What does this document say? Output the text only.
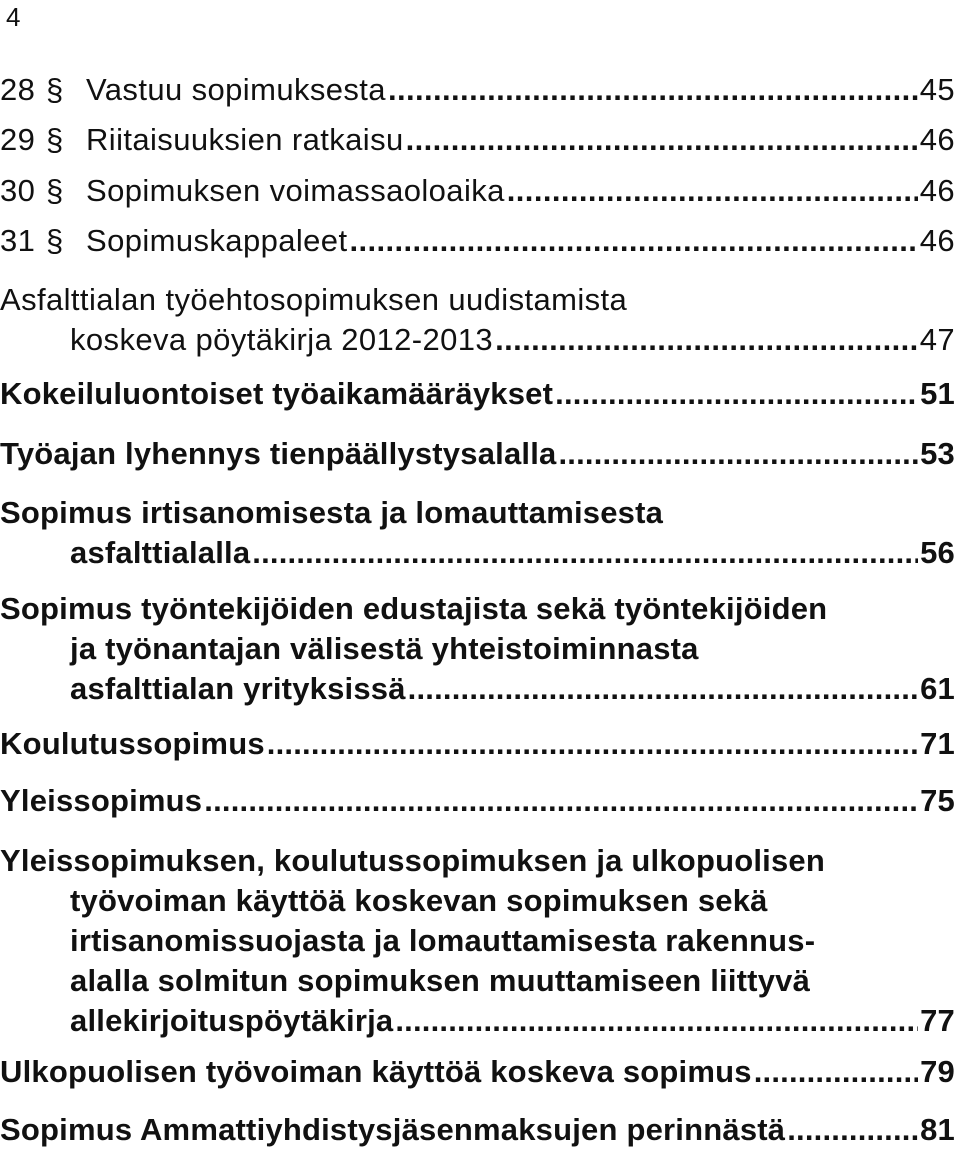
4
28 § Vastuu sopimuksesta .....	45
29 § Riitaisuuksien ratkaisu .....	46
30 § Sopimuksen voimassaoloaika .....	46
31 § Sopimuskappaleet .....	46
Asfalttialan työehtosopimuksen uudistamista
koskeva pöytäkirja 2012-2013 .....	47
Kokeiluluontoiset työaikamääräykset .....	51
Työajan lyhennys tienpäällystysalalla .....	53
Sopimus irtisanomisesta ja lomauttamisesta
asfalttialalla .....	56
Sopimus työntekijöiden edustajista sekä työntekijöiden
ja työnantajan välisestä yhteistoiminnasta
asfalttialan yrityksissä .....	61
Koulutussopimus .....	71
Yleissopimus .....	75
Yleissopimuksen, koulutussopimuksen ja ulkopuolisen
työvoiman käyttöä koskevan sopimuksen sekä
irtisanomissuojasta ja lomauttamisesta rakennus-
alalla solmitun sopimuksen muuttamiseen liittyvä
allekirjoituspöytäkirja .....	77
Ulkopuolisen työvoiman käyttöä koskeva sopimus .....	79
Sopimus Ammattiyhdistysjäsenmaksujen perinnästä .....	81
